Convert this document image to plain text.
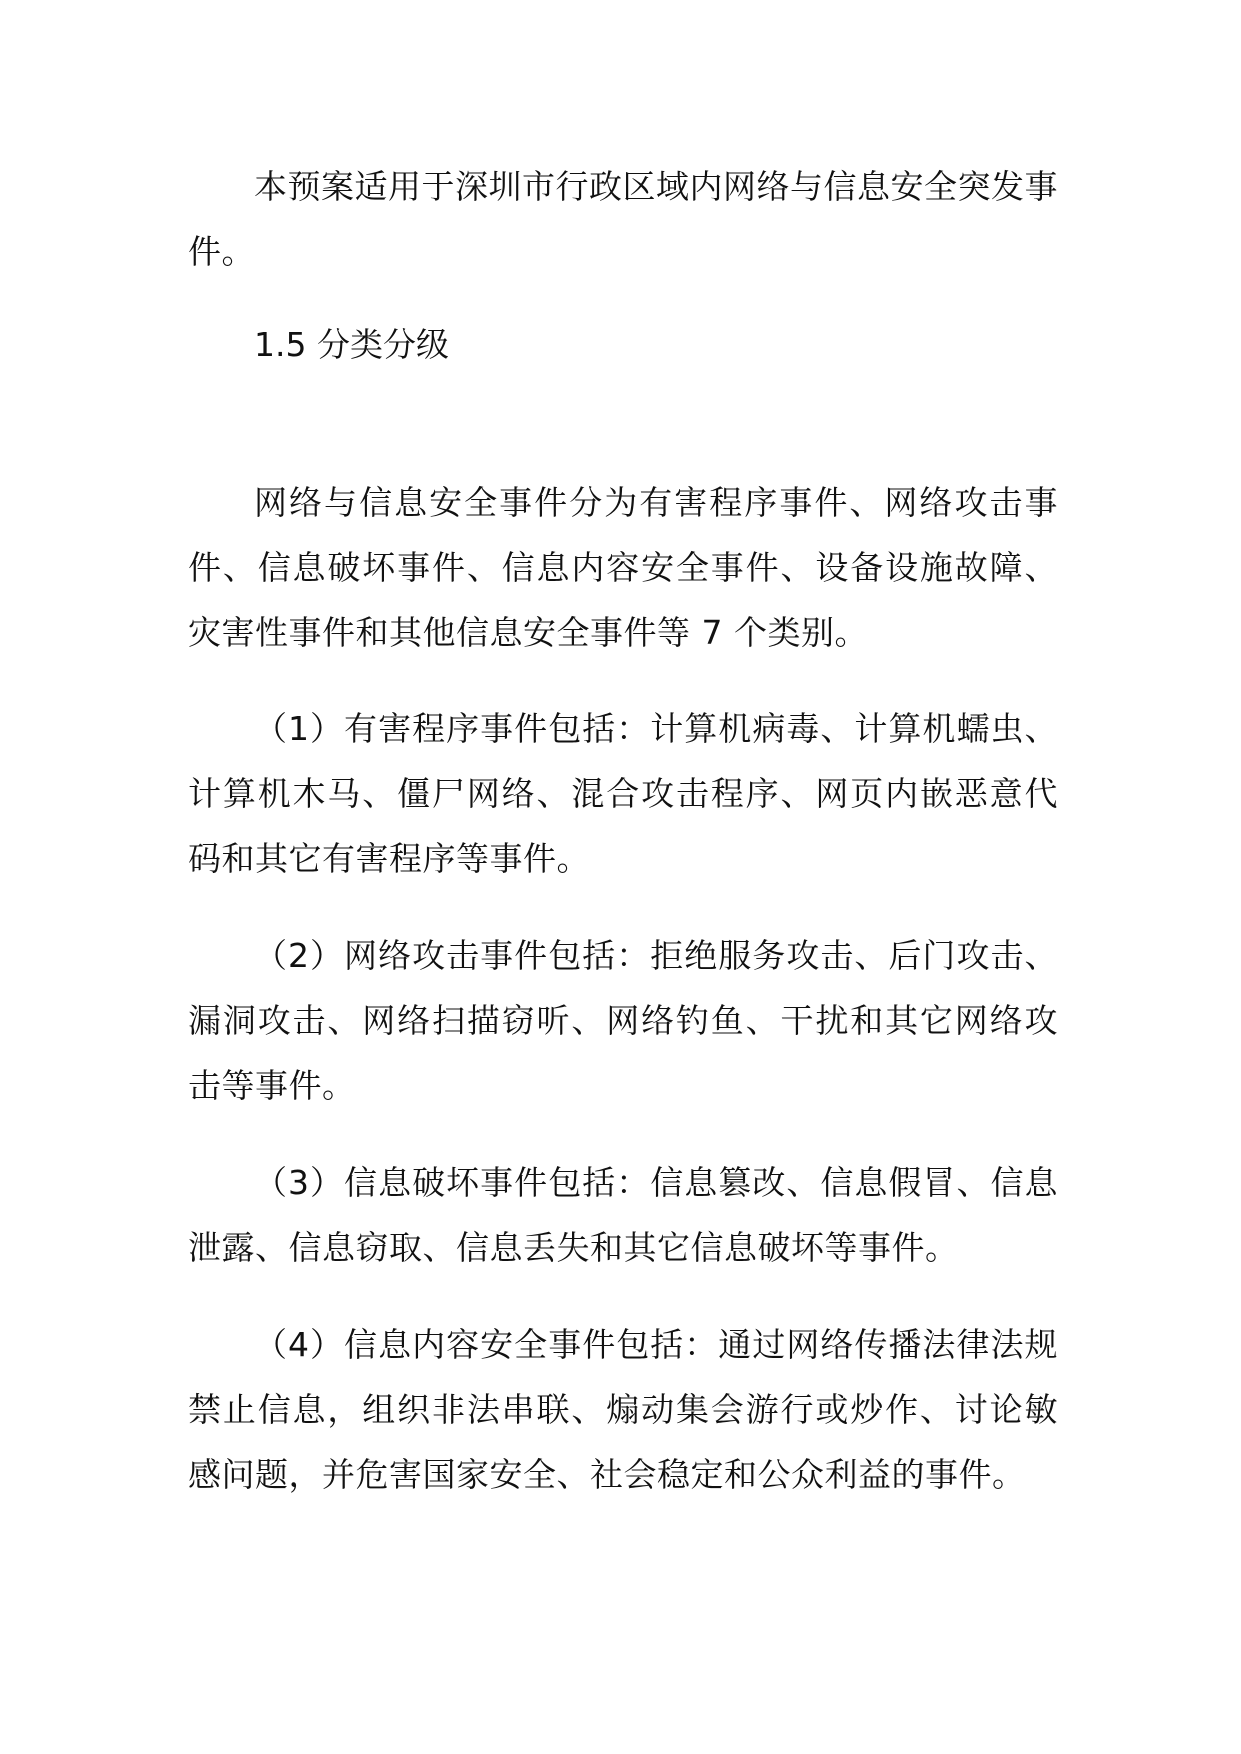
本预案适用于深圳市行政区域内网络与信息安全突发事件。

1.5 分类分级

网络与信息安全事件分为有害程序事件、网络攻击事件、信息破坏事件、信息内容安全事件、设备设施故障、灾害性事件和其他信息安全事件等 7 个类别。

（1）有害程序事件包括：计算机病毒、计算机蠕虫、计算机木马、僵尸网络、混合攻击程序、网页内嵌恶意代码和其它有害程序等事件。

（2）网络攻击事件包括：拒绝服务攻击、后门攻击、漏洞攻击、网络扫描窃听、网络钓鱼、干扰和其它网络攻击等事件。

（3）信息破坏事件包括：信息篡改、信息假冒、信息泄露、信息窃取、信息丢失和其它信息破坏等事件。

（4）信息内容安全事件包括：通过网络传播法律法规禁止信息，组织非法串联、煽动集会游行或炒作、讨论敏感问题，并危害国家安全、社会稳定和公众利益的事件。
